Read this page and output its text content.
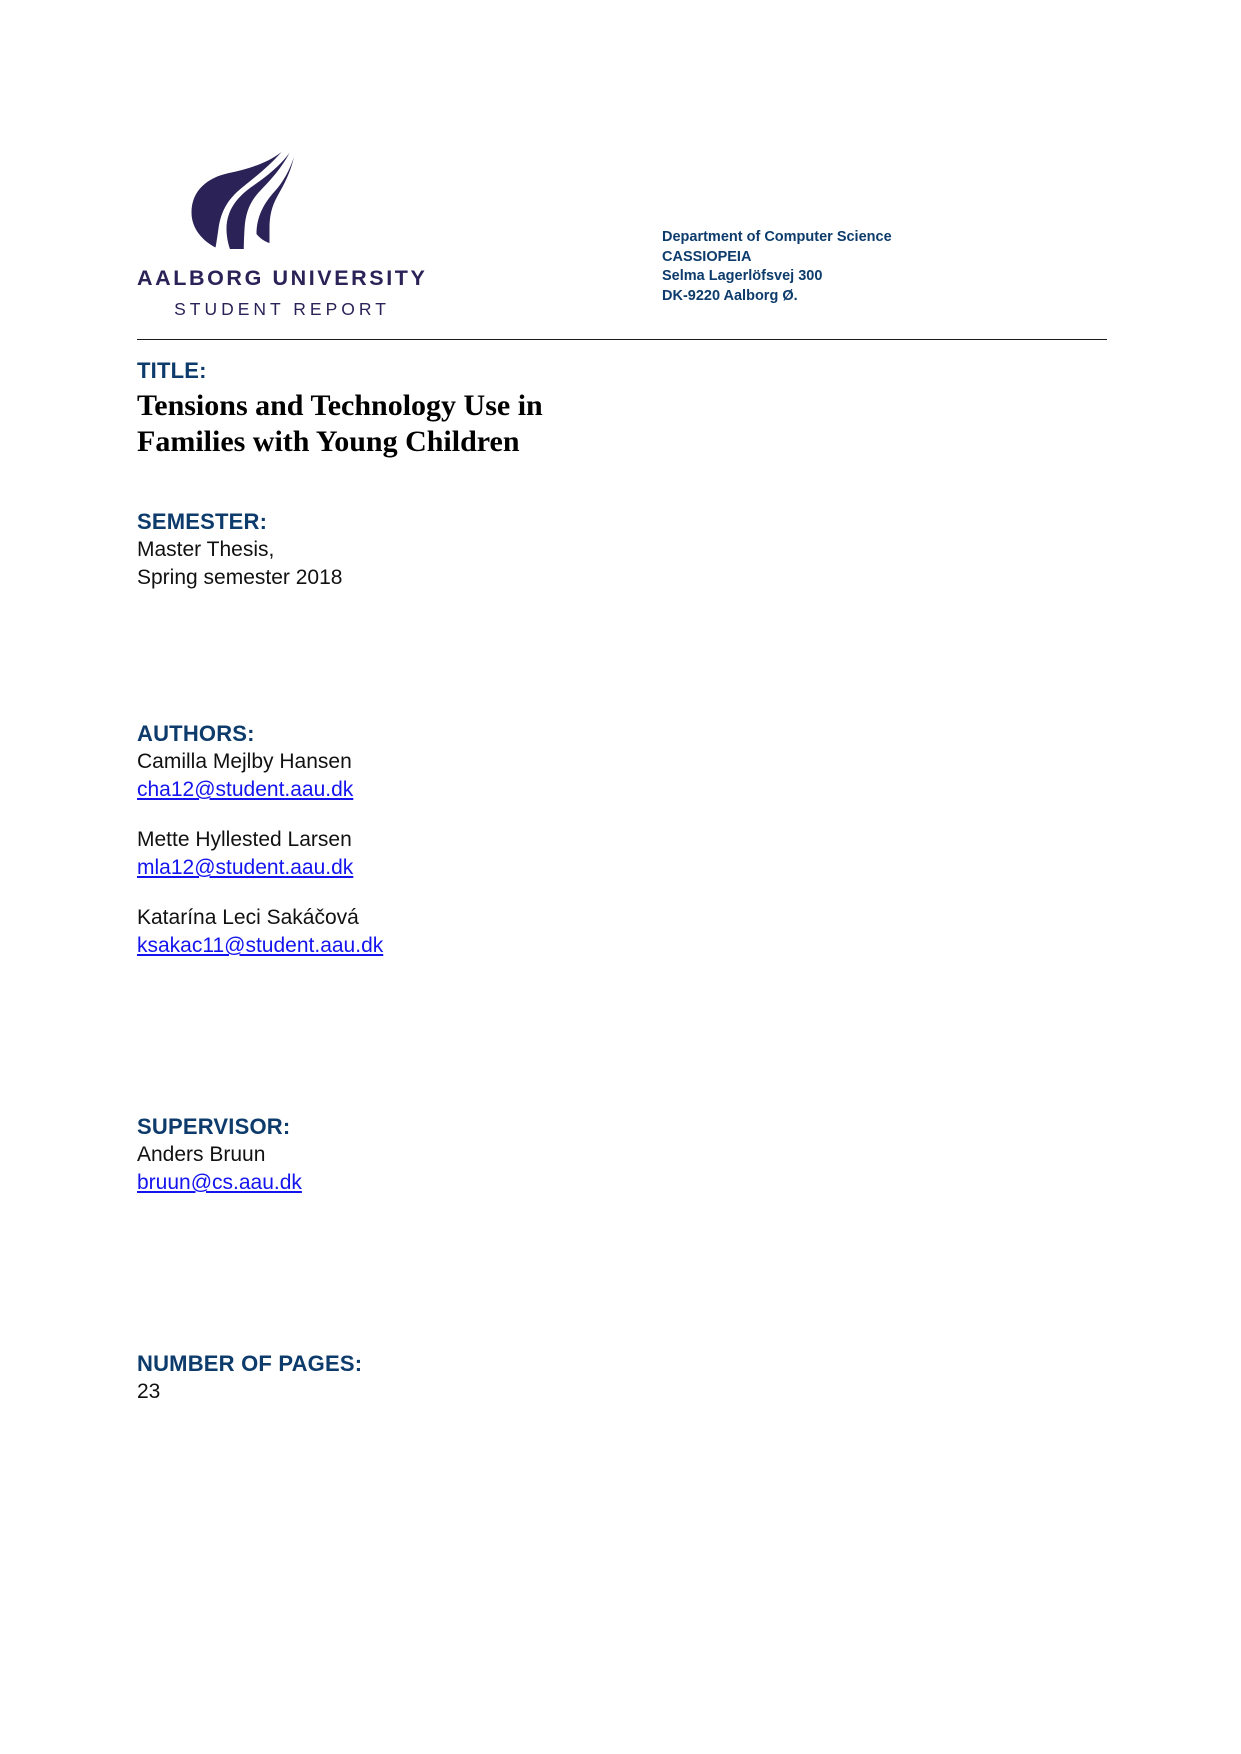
AALBORG UNIVERSITY
STUDENT REPORT
Department of Computer Science
CASSIOPEIA
Selma Lagerlöfsvej 300
DK-9220 Aalborg Ø.
TITLE:
Tensions and Technology Use in
Families with Young Children
SEMESTER:
Master Thesis,
Spring semester 2018
AUTHORS:
Camilla Mejlby Hansen
cha12@student.aau.dk
Mette Hyllested Larsen
mla12@student.aau.dk
Katarína Leci Sakáčová
ksakac11@student.aau.dk
SUPERVISOR:
Anders Bruun
bruun@cs.aau.dk
NUMBER OF PAGES:
23
